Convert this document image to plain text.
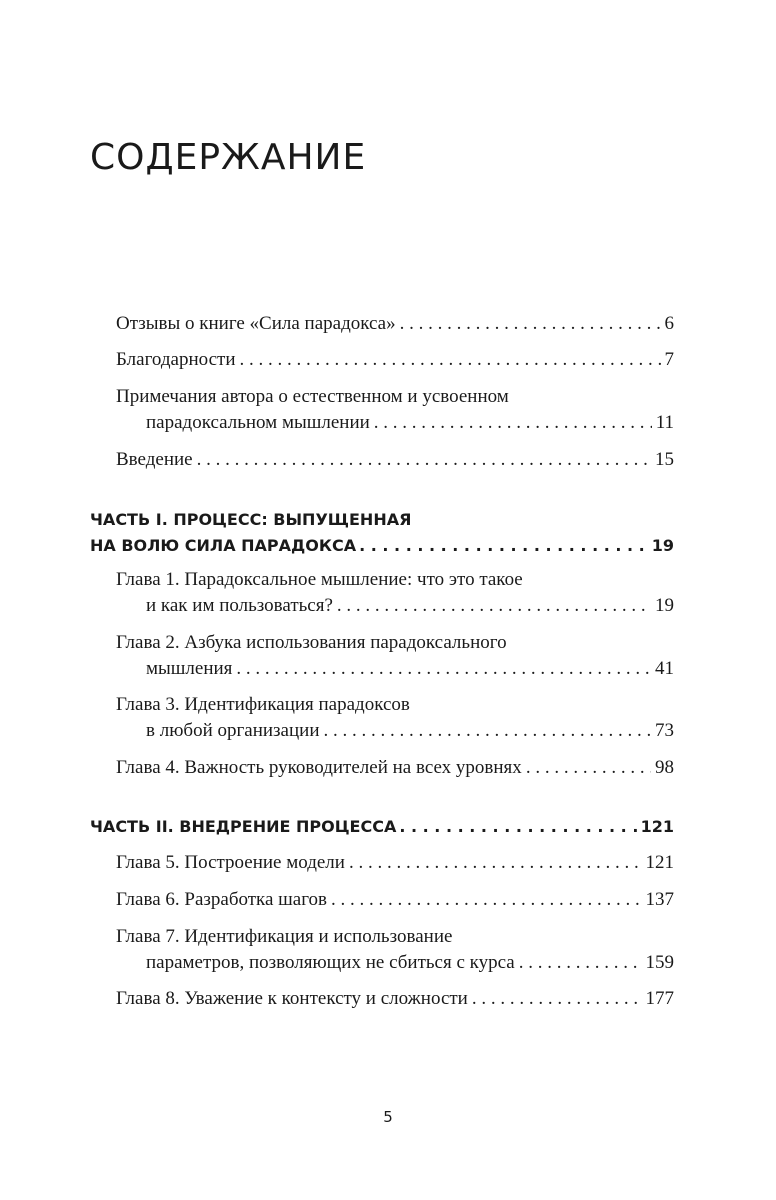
СОДЕРЖАНИЕ
Отзывы о книге «Сила парадокса» . . .	6
Благодарности . . .	7
Примечания автора о естественном и усвоенном
парадоксальном мышлении . . .	11
Введение . . .	15
ЧАСТЬ I. ПРОЦЕСС: ВЫПУЩЕННАЯ
НА ВОЛЮ СИЛА ПАРАДОКСА . . .	19
Глава 1. Парадоксальное мышление: что это такое
и как им пользоваться? . . .	19
Глава 2. Азбука использования парадоксального
мышления . . .	41
Глава 3. Идентификация парадоксов
в любой организации . . .	73
Глава 4. Важность руководителей на всех уровнях . . .	98
ЧАСТЬ II. ВНЕДРЕНИЕ ПРОЦЕССА . . .	121
Глава 5. Построение модели . . .	121
Глава 6. Разработка шагов . . .	137
Глава 7. Идентификация и использование
параметров, позволяющих не сбиться с курса . . .	159
Глава 8. Уважение к контексту и сложности . . .	177
5
